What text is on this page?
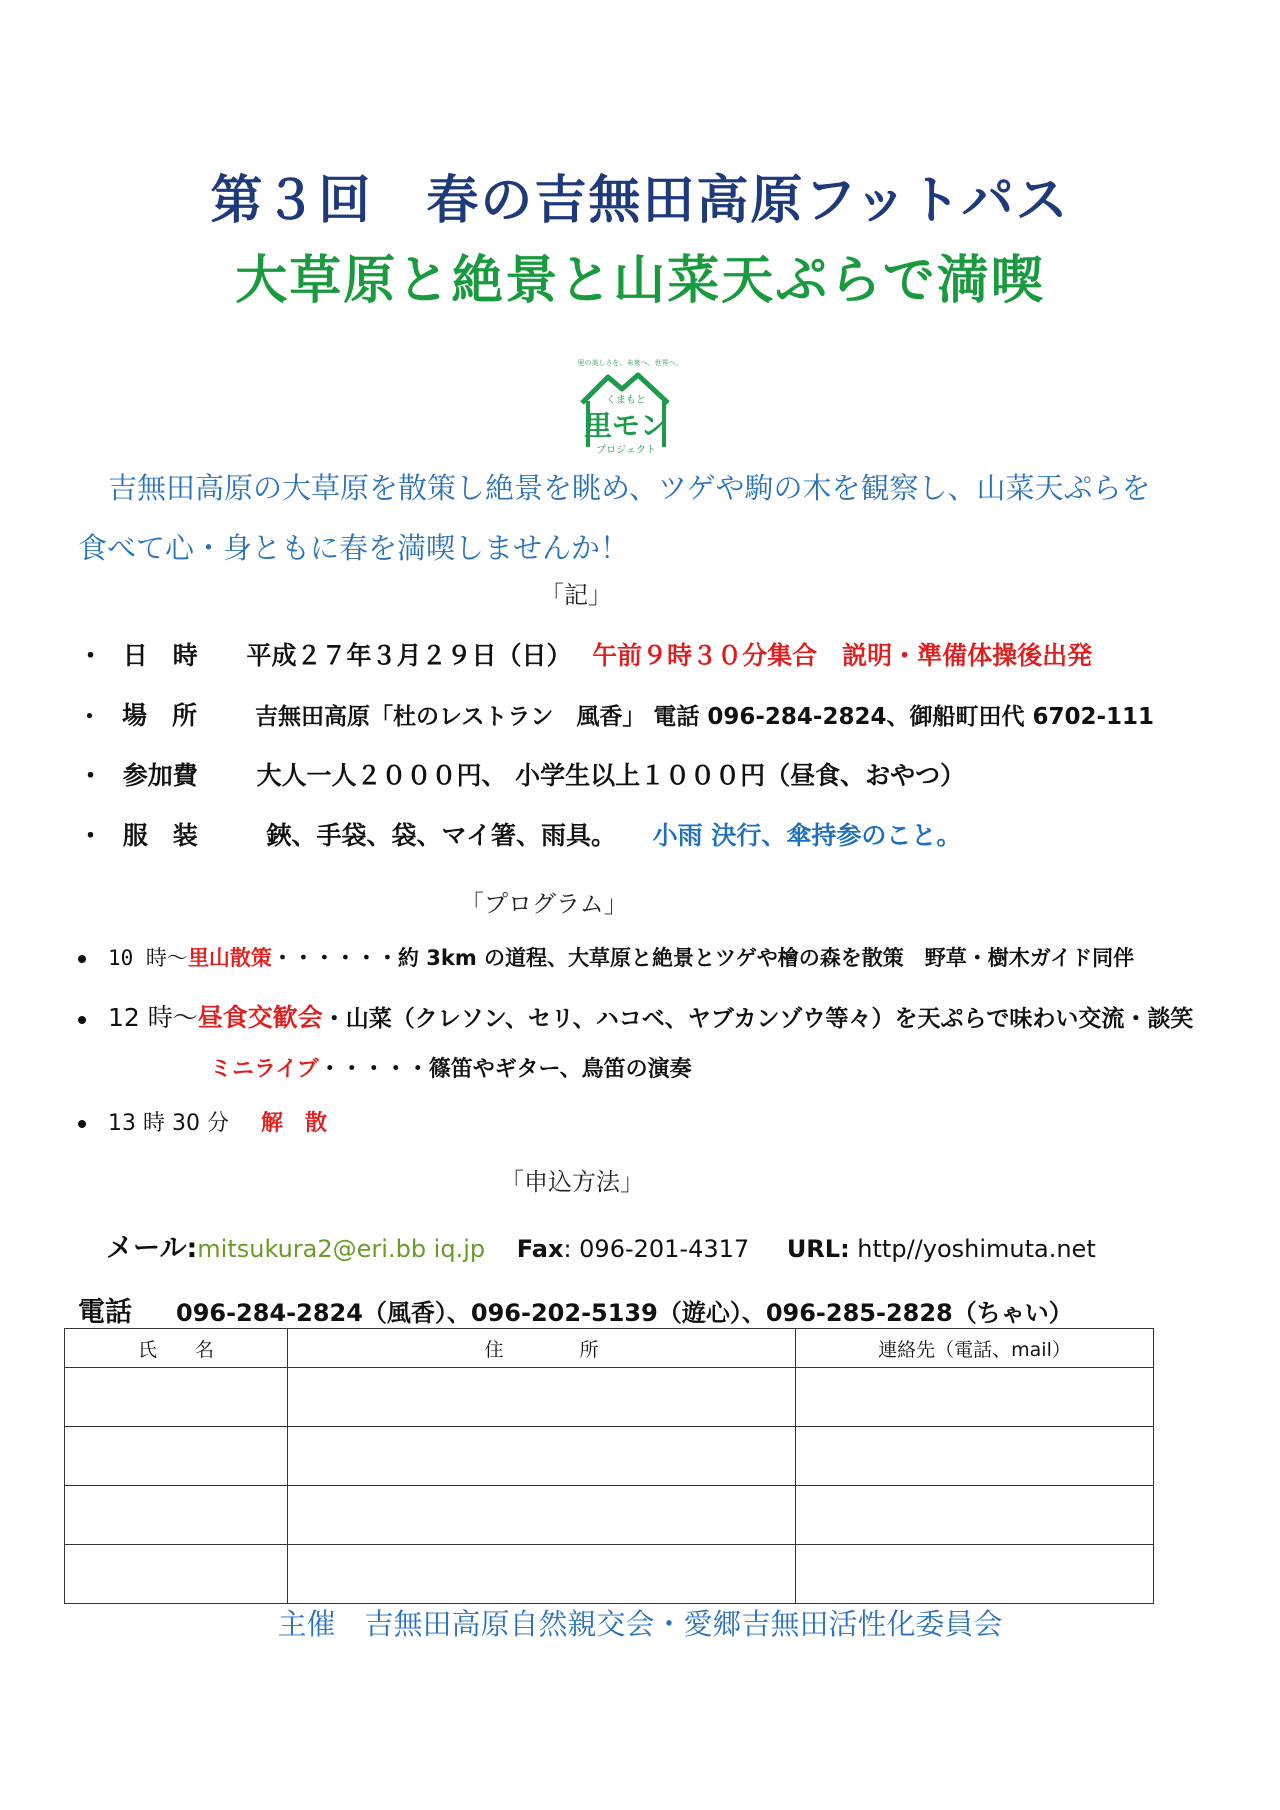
第３回　春の吉無田高原フットパス
大草原と絶景と山菜天ぷらで満喫
里の美しさを、未来へ、世界へ。
くまもと
里モン
プロジェクト
吉無田高原の大草原を散策し絶景を眺め、ツゲや駒の木を観察し、山菜天ぷらを
食べて心・身ともに春を満喫しませんか！
「記」
・ 日　時 平成２７年３月２９日（日） 午前９時３０分集合　説明・準備体操後出発
・ 場　所	吉無田高原「杜のレストラン　風香」 電話 096-284-2824、御船町田代 6702-111
・ 参加費 大人一人２０００円、 小学生以上１０００円（昼食、おやつ）
・ 服　装	鋏、手袋、袋、マイ箸、雨具。 小雨 決行、傘持参のこと。
「プログラム」
10 時～里山散策・・・・・・約 3km の道程、大草原と絶景とツゲや檜の森を散策　野草・樹木ガイド同伴
12 時～昼食交歓会・山菜（クレソン、セリ、ハコベ、ヤブカンゾウ等々）を天ぷらで味わい交流・談笑
ミニライブ・・・・・篠笛やギター、鳥笛の演奏
13 時 30 分 解　散
「申込方法」
メール:mitsukura2@eri.bb iq.jp Fax: 096-201-4317 URL: http//yoshimuta.net
電話 096-284-2824（風香）、096-202-5139（遊心）、096-285-2828（ちゃい）
氏　　名	住　　　　所	連絡先（電話、mail）

主催　吉無田高原自然親交会・愛郷吉無田活性化委員会
